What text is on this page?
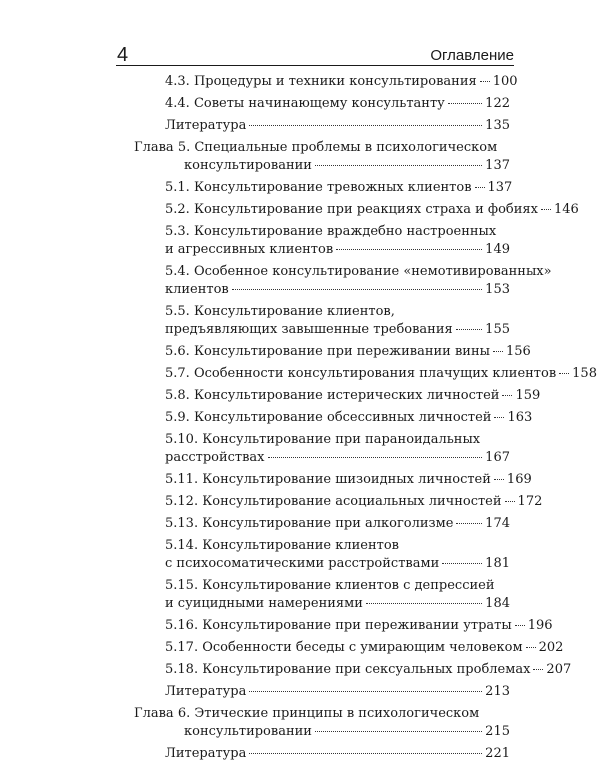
4	Оглавление
4.3. Процедуры и техники консультирования 100
4.4. Советы начинающему консультанту	122
Литература	135
Глава 5. Специальные проблемы в психологическом
консультировании	137
5.1. Консультирование тревожных клиентов 137
5.2. Консультирование при реакциях страха и фобиях 146
5.3. Консультирование враждебно настроенных
и агрессивных клиентов	149
5.4. Особенное консультирование «немотивированных»
клиентов	153
5.5. Консультирование клиентов,
предъявляющих завышенные требования 155
5.6. Консультирование при переживании вины 156
5.7. Особенности консультирования плачущих клиентов 158
5.8. Консультирование истерических личностей 159
5.9. Консультирование обсессивных личностей 163
5.10. Консультирование при параноидальных
расстройствах	167
5.11. Консультирование шизоидных личностей 169
5.12. Консультирование асоциальных личностей 172
5.13. Консультирование при алкоголизме 174
5.14. Консультирование клиентов
с психосоматическими расстройствами	181
5.15. Консультирование клиентов с депрессией
и суицидными намерениями	184
5.16. Консультирование при переживании утраты 196
5.17. Особенности беседы с умирающим человеком 202
5.18. Консультирование при сексуальных проблемах 207
Литература	213
Глава 6. Этические принципы в психологическом
консультировании	215
Литература	221
